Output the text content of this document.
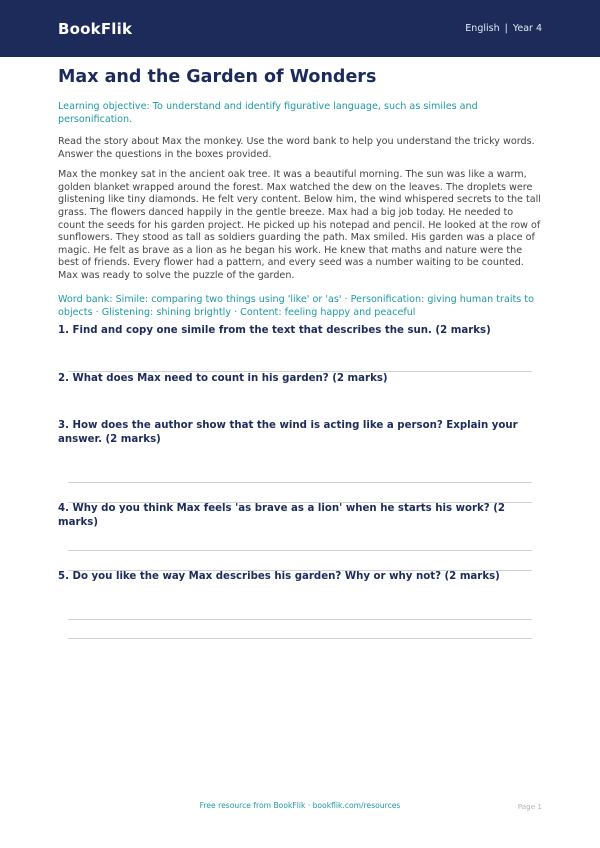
BookFlik	English | Year 4
Max and the Garden of Wonders

Learning objective: To understand and identify figurative language, such as similes and personification.

Read the story about Max the monkey. Use the word bank to help you understand the tricky words. Answer the questions in the boxes provided.

Max the monkey sat in the ancient oak tree. It was a beautiful morning. The sun was like a warm, golden blanket wrapped around the forest. Max watched the dew on the leaves. The droplets were glistening like tiny diamonds. He felt very content. Below him, the wind whispered secrets to the tall grass. The flowers danced happily in the gentle breeze. Max had a big job today. He needed to count the seeds for his garden project. He picked up his notepad and pencil. He looked at the row of sunflowers. They stood as tall as soldiers guarding the path. Max smiled. His garden was a place of magic. He felt as brave as a lion as he began his work. He knew that maths and nature were the best of friends. Every flower had a pattern, and every seed was a number waiting to be counted. Max was ready to solve the puzzle of the garden.

Word bank: Simile: comparing two things using 'like' or 'as' · Personification: giving human traits to objects · Glistening: shining brightly · Content: feeling happy and peaceful

1. Find and copy one simile from the text that describes the sun. (2 marks)
2. What does Max need to count in his garden? (2 marks)
3. How does the author show that the wind is acting like a person? Explain your answer. (2 marks)
4. Why do you think Max feels 'as brave as a lion' when he starts his work? (2 marks)
5. Do you like the way Max describes his garden? Why or why not? (2 marks)
Free resource from BookFlik · bookflik.com/resources	Page 1
